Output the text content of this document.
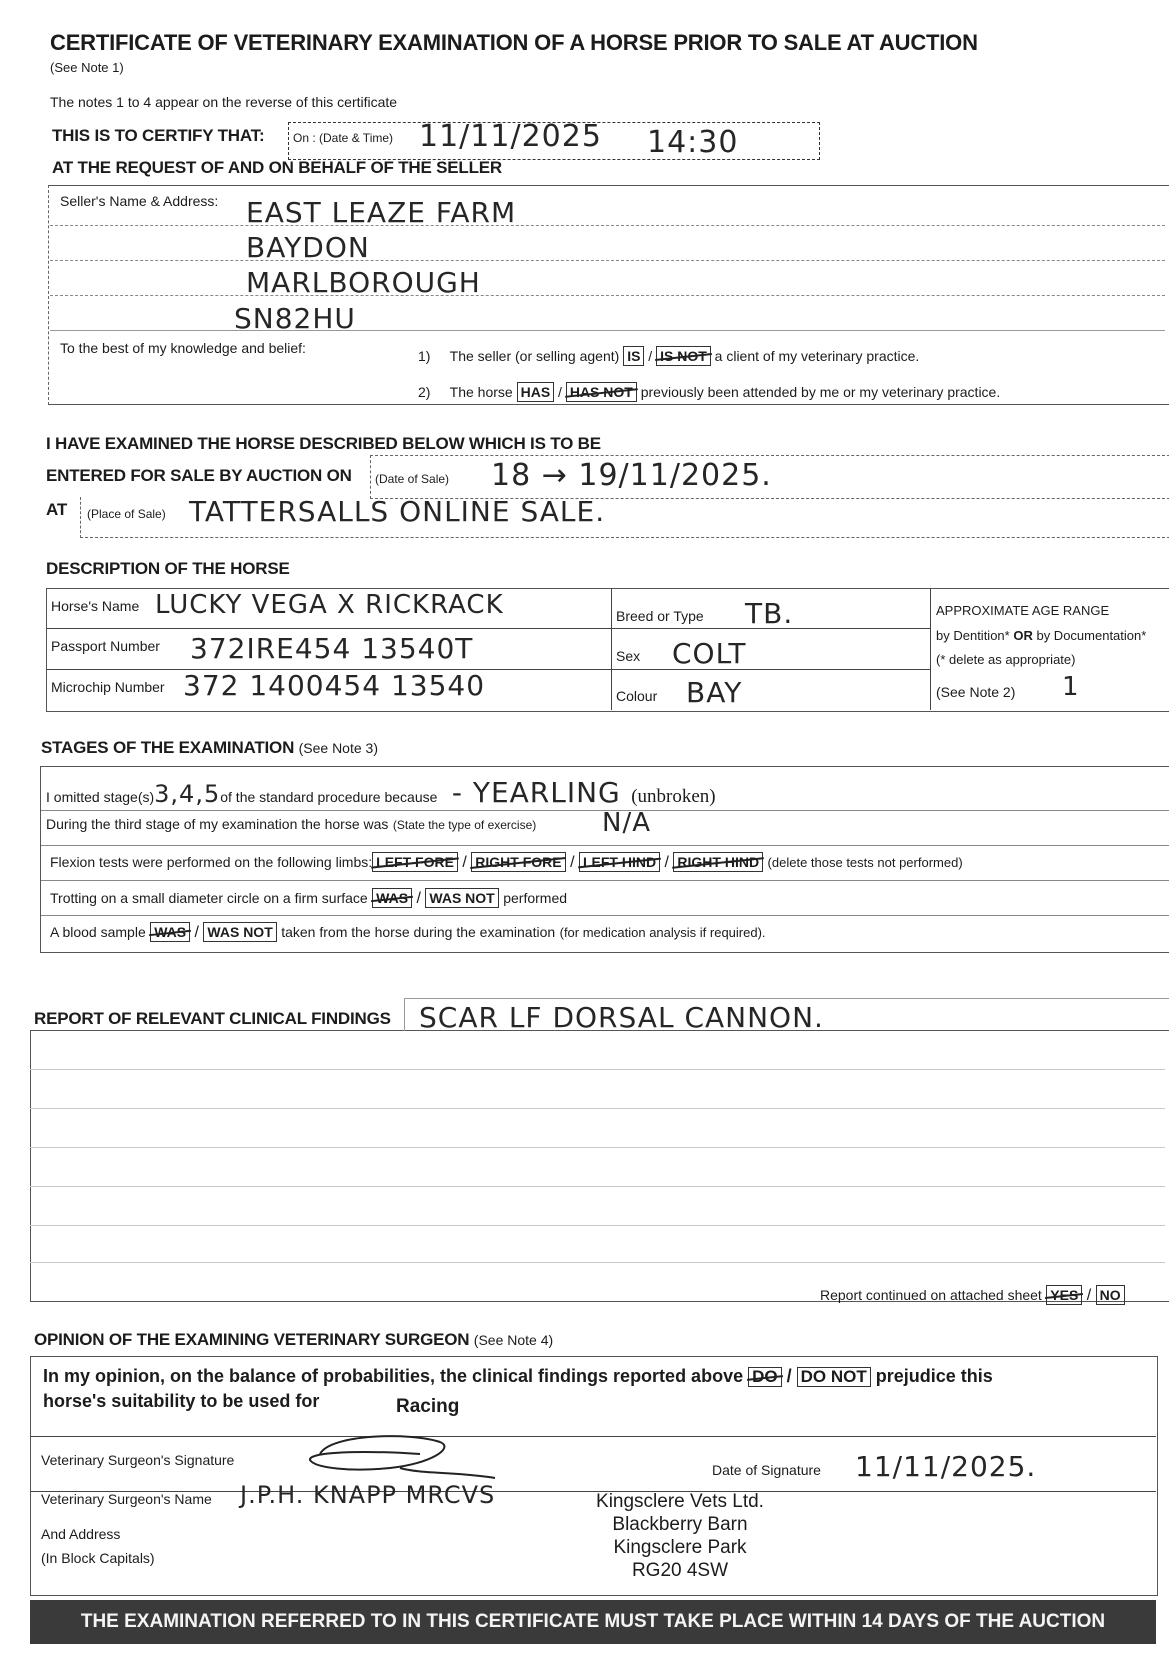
CERTIFICATE OF VETERINARY EXAMINATION OF A HORSE PRIOR TO SALE AT AUCTION
(See Note 1)
The notes 1 to 4 appear on the reverse of this certificate
THIS IS TO CERTIFY THAT: On : (Date & Time) 11/11/2025 14:30
AT THE REQUEST OF AND ON BEHALF OF THE SELLER
Seller's Name & Address: EAST LEAZE FARM
BAYDON
MARLBOROUGH
SN82HU
To the best of my knowledge and belief:	1) The seller (or selling agent) IS / IS NOT a client of my veterinary practice.
2) The horse HAS / HAS NOT previously been attended by me or my veterinary practice.
I HAVE EXAMINED THE HORSE DESCRIBED BELOW WHICH IS TO BE
ENTERED FOR SALE BY AUCTION ON (Date of Sale) 18 → 19/11/2025.
AT (Place of Sale) TATTERSALLS ONLINE SALE.
DESCRIPTION OF THE HORSE
Horse's Name LUCKY VEGA X RICKRACK
Passport Number 372IRE454 13540T
Microchip Number 372 1400454 13540
Breed or Type TB.
Sex COLT
Colour BAY
APPROXIMATE AGE RANGE
by Dentition* OR by Documentation*
(* delete as appropriate)
(See Note 2) 1
STAGES OF THE EXAMINATION (See Note 3)
I omitted stage(s)3,4,5of the standard procedure because - YEARLING (unbroken)
During the third stage of my examination the horse was (State the type of exercise)	N/A
Flexion tests were performed on the following limbs: LEFT FORE / RIGHT FORE / LEFT HIND / RIGHT HIND (delete those tests not performed)
Trotting on a small diameter circle on a firm surface WAS / WAS NOT performed
A blood sample WAS / WAS NOT taken from the horse during the examination (for medication analysis if required).
REPORT OF RELEVANT CLINICAL FINDINGS SCAR LF DORSAL CANNON.
Report continued on attached sheet YES / NO
OPINION OF THE EXAMINING VETERINARY SURGEON (See Note 4)
In my opinion, on the balance of probabilities, the clinical findings reported above DO / DO NOT prejudice this
horse's suitability to be used for	Racing
Veterinary Surgeon's Signature
Date of Signature 11/11/2025.
Veterinary Surgeon's Name J.P.H. KNAPP MRCVS
And Address
(In Block Capitals)
Kingsclere Vets Ltd.
Blackberry Barn
Kingsclere Park
RG20 4SW
THE EXAMINATION REFERRED TO IN THIS CERTIFICATE MUST TAKE PLACE WITHIN 14 DAYS OF THE AUCTION
